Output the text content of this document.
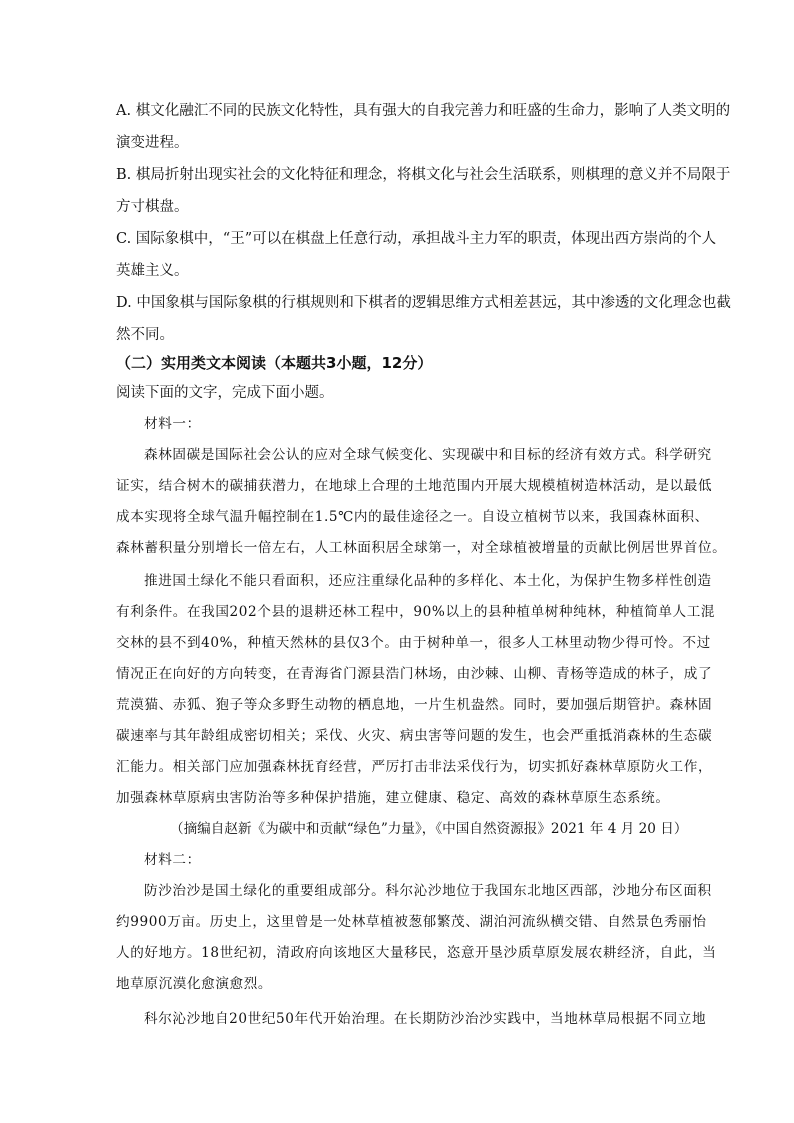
A. 棋文化融汇不同的民族文化特性，具有强大的自我完善力和旺盛的生命力，影响了人类文明的
演变进程。
B. 棋局折射出现实社会的文化特征和理念，将棋文化与社会生活联系，则棋理的意义并不局限于
方寸棋盘。
C. 国际象棋中，“王”可以在棋盘上任意行动，承担战斗主力军的职责，体现出西方崇尚的个人
英雄主义。
D. 中国象棋与国际象棋的行棋规则和下棋者的逻辑思维方式相差甚远，其中渗透的文化理念也截
然不同。
（二）实用类文本阅读（本题共3小题，12分）
阅读下面的文字，完成下面小题。
材料一：
森林固碳是国际社会公认的应对全球气候变化、实现碳中和目标的经济有效方式。科学研究
证实，结合树木的碳捕获潜力，在地球上合理的土地范围内开展大规模植树造林活动，是以最低
成本实现将全球气温升幅控制在1.5℃内的最佳途径之一。自设立植树节以来，我国森林面积、
森林蓄积量分别增长一倍左右，人工林面积居全球第一，对全球植被增量的贡献比例居世界首位。
推进国土绿化不能只看面积，还应注重绿化品种的多样化、本土化，为保护生物多样性创造
有利条件。在我国202个县的退耕还林工程中，90%以上的县种植单树种纯林，种植简单人工混
交林的县不到40%，种植天然林的县仅3个。由于树种单一，很多人工林里动物少得可怜。不过
情况正在向好的方向转变，在青海省门源县浩门林场，由沙棘、山柳、青杨等造成的林子，成了
荒漠猫、赤狐、狍子等众多野生动物的栖息地，一片生机盎然。同时，要加强后期管护。森林固
碳速率与其年龄组成密切相关；采伐、火灾、病虫害等问题的发生，也会严重抵消森林的生态碳
汇能力。相关部门应加强森林抚育经营，严厉打击非法采伐行为，切实抓好森林草原防火工作，
加强森林草原病虫害防治等多种保护措施，建立健康、稳定、高效的森林草原生态系统。
（摘编自赵新《为碳中和贡献“绿色”力量》，《中国自然资源报》2021 年 4 月 20 日）
材料二：
防沙治沙是国土绿化的重要组成部分。科尔沁沙地位于我国东北地区西部，沙地分布区面积
约9900万亩。历史上，这里曾是一处林草植被葱郁繁茂、湖泊河流纵横交错、自然景色秀丽怡
人的好地方。18世纪初，清政府向该地区大量移民，恣意开垦沙质草原发展农耕经济，自此，当
地草原沉漠化愈演愈烈。
科尔沁沙地自20世纪50年代开始治理。在长期防沙治沙实践中，当地林草局根据不同立地
